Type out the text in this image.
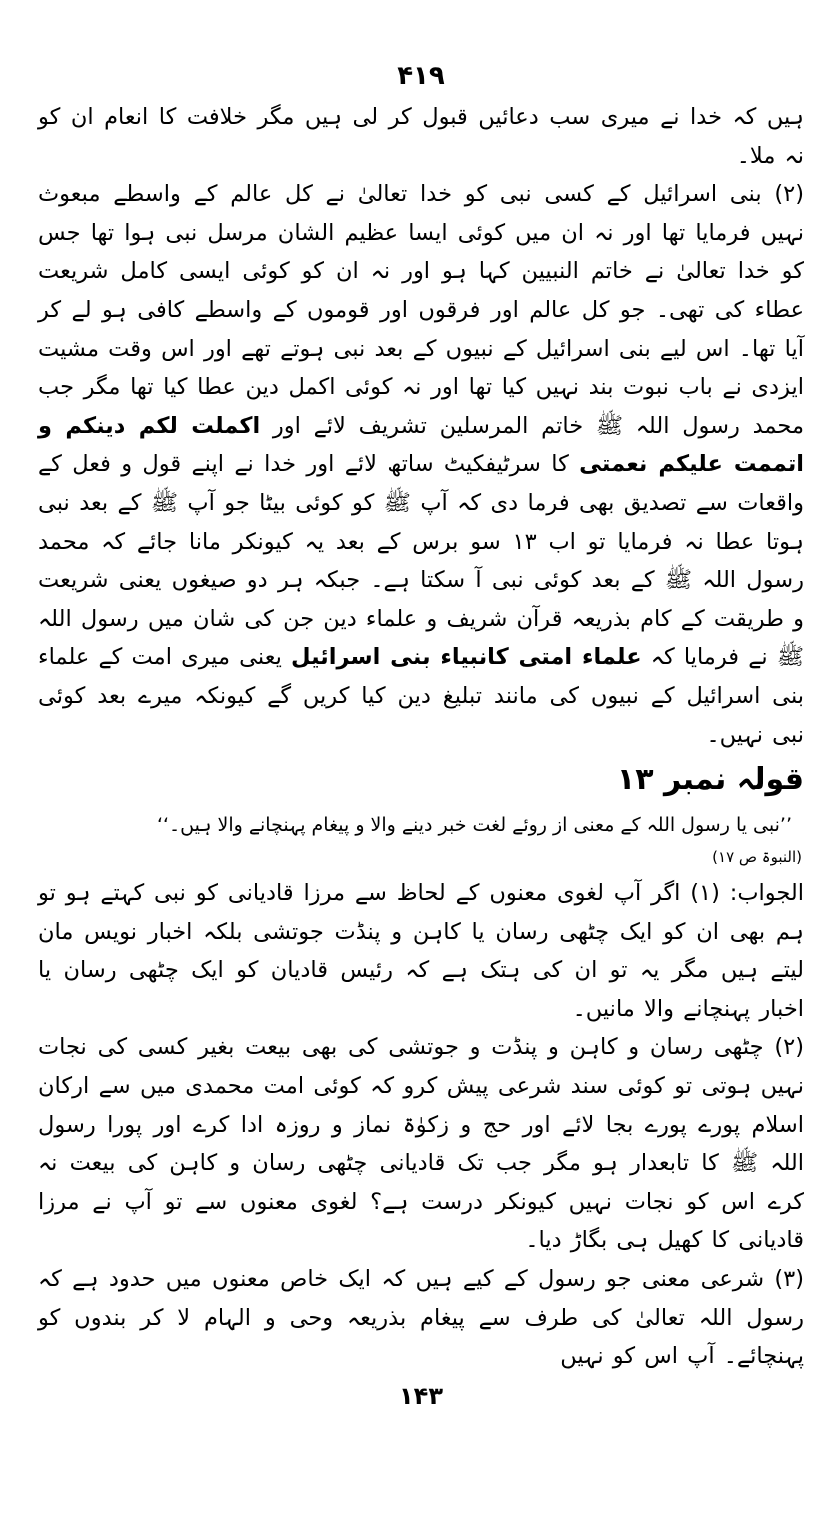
۴۱۹

ہیں کہ خدا نے میری سب دعائیں قبول کر لی ہیں مگر خلافت کا انعام ان کو نہ ملا۔

(۲) بنی اسرائیل کے کسی نبی کو خدا تعالیٰ نے کل عالم کے واسطے مبعوث نہیں فرمایا تھا اور نہ ان میں کوئی ایسا عظیم الشان مرسل نبی ہوا تھا جس کو خدا تعالیٰ نے خاتم النبیین کہا ہو اور نہ ان کو کوئی ایسی کامل شریعت عطاء کی تھی۔ جو کل عالم اور فرقوں اور قوموں کے واسطے کافی ہو لے کر آیا تھا۔ اس لیے بنی اسرائیل کے نبیوں کے بعد نبی ہوتے تھے اور اس وقت مشیت ایزدی نے باب نبوت بند نہیں کیا تھا اور نہ کوئی اکمل دین عطا کیا تھا مگر جب محمد رسول اللہ ﷺ خاتم المرسلین تشریف لائے اور اکملت لکم دینکم و اتممت علیکم نعمتی کا سرٹیفکیٹ ساتھ لائے اور خدا نے اپنے قول و فعل کے واقعات سے تصدیق بھی فرما دی کہ آپ ﷺ کو کوئی بیٹا جو آپ ﷺ کے بعد نبی ہوتا عطا نہ فرمایا تو اب ۱۳ سو برس کے بعد یہ کیونکر مانا جائے کہ محمد رسول اللہ ﷺ کے بعد کوئی نبی آ سکتا ہے۔ جبکہ ہر دو صیغوں یعنی شریعت و طریقت کے کام بذریعہ قرآن شریف و علماء دین جن کی شان میں رسول اللہ ﷺ نے فرمایا کہ علماء امتی کانبیاء بنی اسرائیل یعنی میری امت کے علماء بنی اسرائیل کے نبیوں کی مانند تبلیغ دین کیا کریں گے کیونکہ میرے بعد کوئی نبی نہیں۔

قولہ نمبر ۱۳

’’نبی یا رسول اللہ کے معنی از روئے لغت خبر دینے والا و پیغام پہنچانے والا ہیں۔‘‘

(النبوۃ ص ۱۷)

الجواب: (۱) اگر آپ لغوی معنوں کے لحاظ سے مرزا قادیانی کو نبی کہتے ہو تو ہم بھی ان کو ایک چٹھی رسان یا کاہن و پنڈت جوتشی بلکہ اخبار نویس مان لیتے ہیں مگر یہ تو ان کی ہتک ہے کہ رئیس قادیان کو ایک چٹھی رسان یا اخبار پہنچانے والا مانیں۔

(۲) چٹھی رسان و کاہن و پنڈت و جوتشی کی بھی بیعت بغیر کسی کی نجات نہیں ہوتی تو کوئی سند شرعی پیش کرو کہ کوئی امت محمدی میں سے ارکان اسلام پورے پورے بجا لائے اور حج و زکوٰۃ نماز و روزہ ادا کرے اور پورا رسول اللہ ﷺ کا تابعدار ہو مگر جب تک قادیانی چٹھی رسان و کاہن کی بیعت نہ کرے اس کو نجات نہیں کیونکر درست ہے؟ لغوی معنوں سے تو آپ نے مرزا قادیانی کا کھیل ہی بگاڑ دیا۔

(۳) شرعی معنی جو رسول کے کیے ہیں کہ ایک خاص معنوں میں حدود ہے کہ رسول اللہ تعالیٰ کی طرف سے پیغام بذریعہ وحی و الہام لا کر بندوں کو پہنچائے۔ آپ اس کو نہیں

۱۴۳
